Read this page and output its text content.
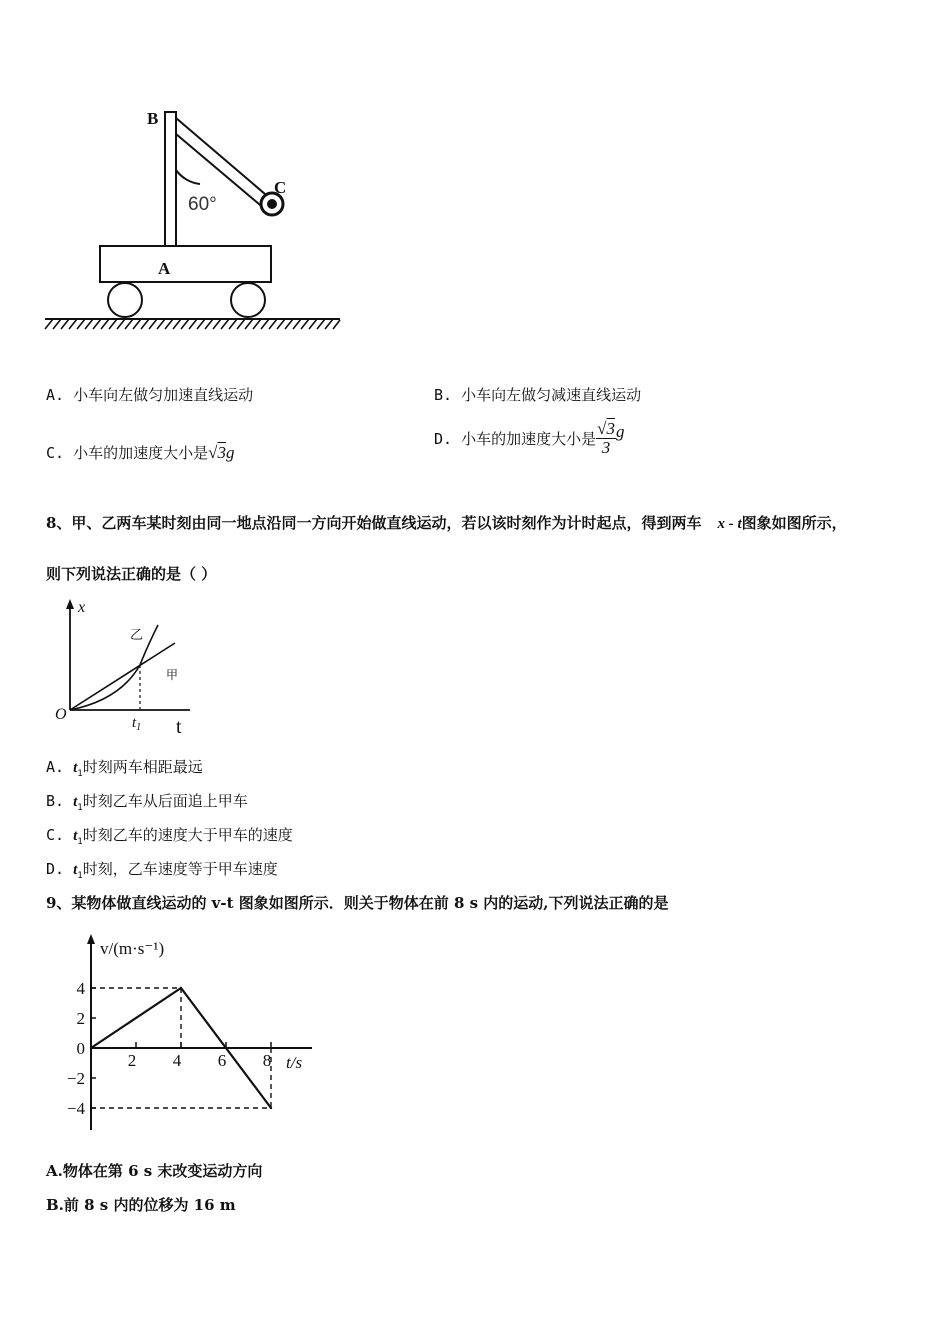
60°
C
B
A
A. 小车向左做匀加速直线运动	B. 小车向左做匀减速直线运动
C. 小车的加速度大小是√3g
D. 小车的加速度大小是 $\frac{√3}{3}$ g
8、甲、乙两车某时刻由同一地点沿同一方向开始做直线运动，若以该时刻作为计时起点，得到两车 x - t图象如图所示，
则下列说法正确的是（ ）
x
t
O	$t_1$
乙
甲
A. $t_1$时刻两车相距最远
B. $t_1$时刻乙车从后面追上甲车
C. $t_1$时刻乙车的速度大于甲车的速度
D. $t_1$时刻，乙车速度等于甲车速度
9、某物体做直线运动的 v-t 图象如图所示．则关于物体在前 8 s 内的运动,下列说法正确的是
v/(m·s⁻¹)
t/s
4
2
0
−2
−4
2 4 6 8
A.物体在第 6 s 末改变运动方向
B.前 8 s 内的位移为 16 m
